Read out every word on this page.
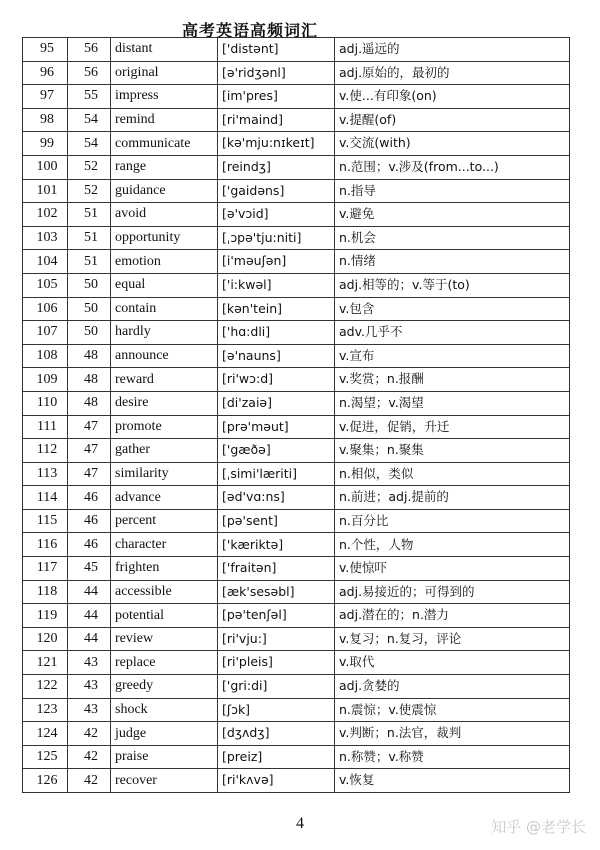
高考英语高频词汇
95	56	distant	['distənt]	adj.遥远的
96	56	original	[ə'ridʒənl]	adj.原始的，最初的
97	55	impress	[im'pres]	v.使...有印象(on)
98	54	remind	[ri'maind]	v.提醒(of)
99	54	communicate	[kə'mju:nɪkeɪt]	v.交流(with)
100	52	range	[reindʒ]	n.范围；v.涉及(from...to...)
101	52	guidance	['gaidəns]	n.指导
102	51	avoid	[ə'vɔid]	v.避免
103	51	opportunity	[ˌɔpə'tju:niti]	n.机会
104	51	emotion	[i'məuʃən]	n.情绪
105	50	equal	['i:kwəl]	adj.相等的；v.等于(to)
106	50	contain	[kən'tein]	v.包含
107	50	hardly	['hɑ:dli]	adv.几乎不
108	48	announce	[ə'nauns]	v.宣布
109	48	reward	[ri'wɔ:d]	v.奖赏；n.报酬
110	48	desire	[di'zaiə]	n.渴望；v.渴望
111	47	promote	[prə'məut]	v.促进，促销，升迁
112	47	gather	['gæðə]	v.聚集；n.聚集
113	47	similarity	[ˌsimi'læriti]	n.相似，类似
114	46	advance	[əd'vɑ:ns]	n.前进；adj.提前的
115	46	percent	[pə'sent]	n.百分比
116	46	character	['kæriktə]	n.个性，人物
117	45	frighten	['fraitən]	v.使惊吓
118	44	accessible	[æk'sesəbl]	adj.易接近的；可得到的
119	44	potential	[pə'tenʃəl]	adj.潜在的；n.潜力
120	44	review	[ri'vju:]	v.复习；n.复习，评论
121	43	replace	[ri'pleis]	v.取代
122	43	greedy	['gri:di]	adj.贪婪的
123	43	shock	[ʃɔk]	n.震惊；v.使震惊
124	42	judge	[dʒʌdʒ]	v.判断；n.法官，裁判
125	42	praise	[preiz]	n.称赞；v.称赞
126	42	recover	[ri'kʌvə]	v.恢复
4	知乎 @老学长
